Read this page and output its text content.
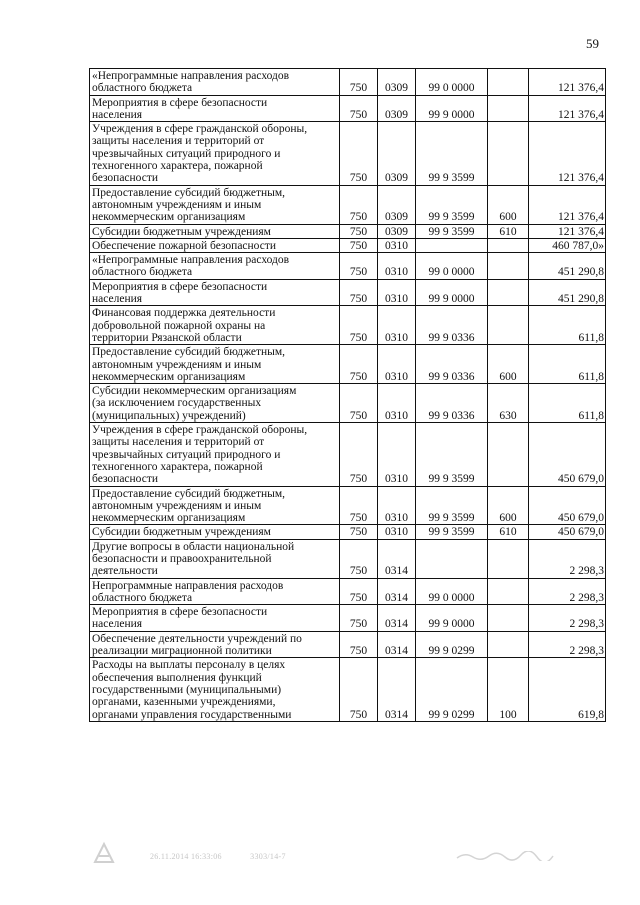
59
«Непрограммные направления расходов
областного бюджета	750	0309	99 0 0000		121 376,4
Мероприятия в сфере безопасности
населения	750	0309	99 9 0000		121 376,4
Учреждения в сфере гражданской обороны,
защиты населения и территорий от
чрезвычайных ситуаций природного и
техногенного характера, пожарной
безопасности	750	0309	99 9 3599		121 376,4
Предоставление субсидий бюджетным,
автономным учреждениям и иным
некоммерческим организациям	750	0309	99 9 3599	600	121 376,4
Субсидии бюджетным учреждениям	750	0309	99 9 3599	610	121 376,4
Обеспечение пожарной безопасности	750	0310			460 787,0»
«Непрограммные направления расходов
областного бюджета	750	0310	99 0 0000		451 290,8
Мероприятия в сфере безопасности
населения	750	0310	99 9 0000		451 290,8
Финансовая поддержка деятельности
добровольной пожарной охраны на
территории Рязанской области	750	0310	99 9 0336		611,8
Предоставление субсидий бюджетным,
автономным учреждениям и иным
некоммерческим организациям	750	0310	99 9 0336	600	611,8
Субсидии некоммерческим организациям
(за исключением государственных
(муниципальных) учреждений)	750	0310	99 9 0336	630	611,8
Учреждения в сфере гражданской обороны,
защиты населения и территорий от
чрезвычайных ситуаций природного и
техногенного характера, пожарной
безопасности	750	0310	99 9 3599		450 679,0
Предоставление субсидий бюджетным,
автономным учреждениям и иным
некоммерческим организациям	750	0310	99 9 3599	600	450 679,0
Субсидии бюджетным учреждениям	750	0310	99 9 3599	610	450 679,0
Другие вопросы в области национальной
безопасности и правоохранительной
деятельности	750	0314			2 298,3
Непрограммные направления расходов
областного бюджета	750	0314	99 0 0000		2 298,3
Мероприятия в сфере безопасности
населения	750	0314	99 9 0000		2 298,3
Обеспечение деятельности учреждений по
реализации миграционной политики	750	0314	99 9 0299		2 298,3
Расходы на выплаты персоналу в целях
обеспечения выполнения функций
государственными (муниципальными)
органами, казенными учреждениями,
органами управления государственными	750	0314	99 9 0299	100	619,8
26.11.2014 16:33:06	3303/14-7
